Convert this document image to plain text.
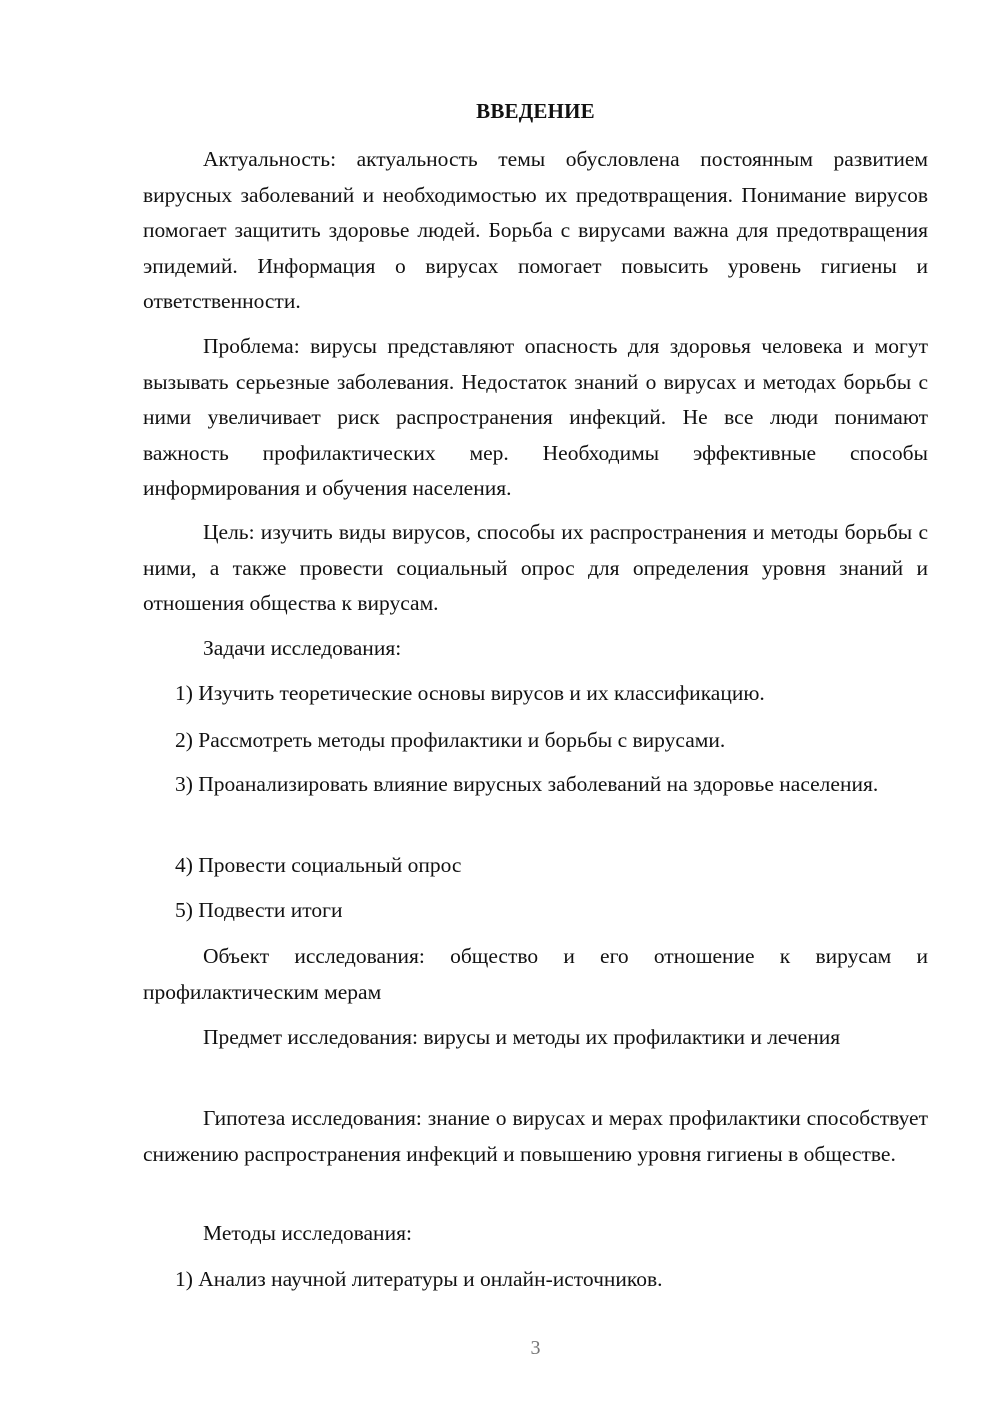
ВВЕДЕНИЕ

Актуальность: актуальность темы обусловлена постоянным развитием вирусных заболеваний и необходимостью их предотвращения. Понимание вирусов помогает защитить здоровье людей. Борьба с вирусами важна для предотвращения эпидемий. Информация о вирусах помогает повысить уровень гигиены и ответственности.

Проблема: вирусы представляют опасность для здоровья человека и могут вызывать серьезные заболевания. Недостаток знаний о вирусах и методах борьбы с ними увеличивает риск распространения инфекций. Не все люди понимают важность профилактических мер. Необходимы эффективные способы информирования и обучения населения.

Цель: изучить виды вирусов, способы их распространения и методы борьбы с ними, а также провести социальный опрос для определения уровня знаний и отношения общества к вирусам.

Задачи исследования:

1) Изучить теоретические основы вирусов и их классификацию.

2) Рассмотреть методы профилактики и борьбы с вирусами.

3) Проанализировать влияние вирусных заболеваний на здоровье населения.

4) Провести социальный опрос

5) Подвести итоги

Объект исследования: общество и его отношение к вирусам и профилактическим мерам

Предмет исследования: вирусы и методы их профилактики и лечения

Гипотеза исследования: знание о вирусах и мерах профилактики способствует снижению распространения инфекций и повышению уровня гигиены в обществе.

Методы исследования:

1) Анализ научной литературы и онлайн-источников.

3
